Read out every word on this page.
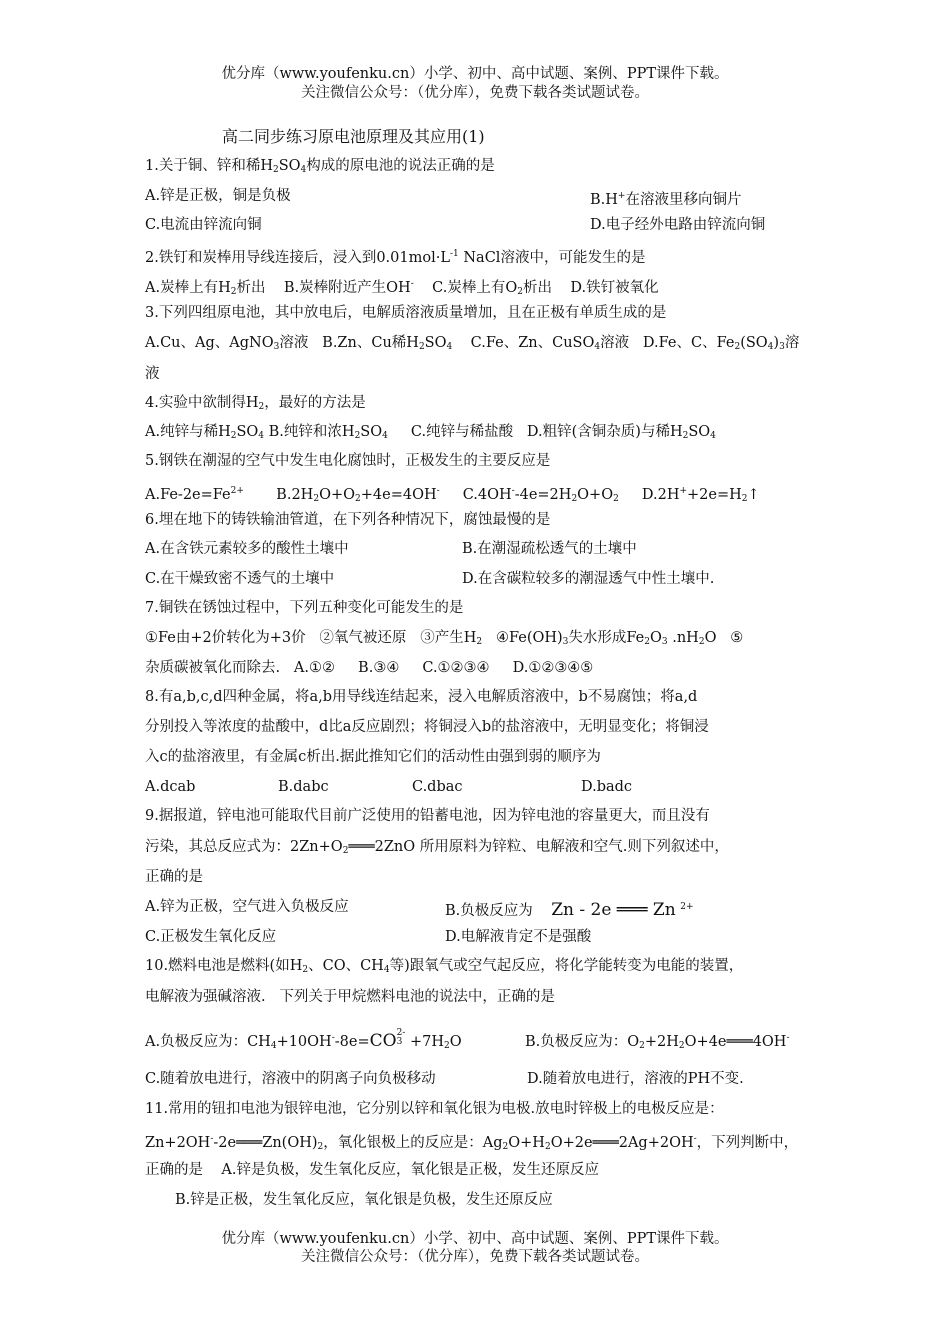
优分库（www.youfenku.cn）小学、初中、高中试题、案例、PPT课件下载。
关注微信公众号：（优分库），免费下载各类试题试卷。
高二同步练习原电池原理及其应用(1)
1.关于铜、锌和稀$H_2SO_4$构成的原电池的说法正确的是
A.锌是正极，铜是负极	B.H+在溶液里移向铜片
C.电流由锌流向铜	D.电子经外电路由锌流向铜
2.铁钉和炭棒用导线连接后，浸入到$0.01mol\cdot L^{-1}$ NaCl溶液中，可能发生的是
A.炭棒上有$H_2$析出    B.炭棒附近产生OH-    C.炭棒上有$O_2$析出    D.铁钉被氧化
3.下列四组原电池，其中放电后，电解质溶液质量增加，且在正极有单质生成的是
A.Cu、Ag、AgNO$_3$溶液   B.Zn、Cu稀$H_2SO_4$    C.Fe、Zn、CuSO$_4$溶液   D.Fe、C、$Fe_2(SO_4)_3$溶
液
4.实验中欲制得$H_2$，最好的方法是
A.纯锌与稀$H_2SO_4$ B.纯锌和浓$H_2SO_4$     C.纯锌与稀盐酸   D.粗锌(含铜杂质)与稀$H_2SO_4$
5.钢铁在潮湿的空气中发生电化腐蚀时，正极发生的主要反应是
$A.Fe-2e=Fe^{2+}$       $B.2H_2O+O_2+4e=4OH^-$     $C.4OH^--4e=2H_2O+O_2$     $D.2H^++2e=H_2↑$
6.埋在地下的铸铁输油管道，在下列各种情况下，腐蚀最慢的是
A.在含铁元素较多的酸性土壤中	B.在潮湿疏松透气的土壤中
C.在干燥致密不透气的土壤中	D.在含碳粒较多的潮湿透气中性土壤中.
7.铜铁在锈蚀过程中，下列五种变化可能发生的是
①Fe由+2价转化为+3价   ②氧气被还原   ③产生$H_2$   $④Fe(OH)_3$失水形成$Fe_2O_3$ $.nH_2O$   ⑤
杂质碳被氧化而除去.   A.①②     B.③④     C.①②③④     D.①②③④⑤
8.有a,b,c,d四种金属，将a,b用导线连结起来，浸入电解质溶液中，b不易腐蚀；将a,d
分别投入等浓度的盐酸中，d比a反应剧烈；将铜浸入b的盐溶液中，无明显变化；将铜浸
入c的盐溶液里，有金属c析出.据此推知它们的活动性由强到弱的顺序为
A.dcab	B.dabc	C.dbac	D.badc
9.据报道，锌电池可能取代目前广泛使用的铅蓄电池，因为锌电池的容量更大，而且没有
污染，其总反应式为：$2Zn+O_2═══2ZnO$ 所用原料为锌粒、电解液和空气.则下列叙述中，
正确的是
A.锌为正极，空气进入负极反应	B.负极反应为    Zn - 2e ═══ Zn $^{2+}$
C.正极发生氧化反应	D.电解液肯定不是强酸
10.燃料电池是燃料(如$H_2$、CO、$CH_4$等)跟氧气或空气起反应，将化学能转变为电能的装置，
电解液为强碱溶液.   下列关于甲烷燃料电池的说法中，正确的是
A.负极反应为：$CH_4+10OH^--8e=CO$ 2-
$3 +7H_2O$	B.负极反应为：$O_2+2H_2O+4e═══4OH^-$
C.随着放电进行，溶液中的阴离子向负极移动	D.随着放电进行，溶液的PH不变.
11.常用的钮扣电池为银锌电池，它分别以锌和氧化银为电极.放电时锌极上的电极反应是：
$Zn+2OH^--2e═══Zn(OH)_2$，氧化银极上的反应是：$Ag_2O+H_2O+2e═══2Ag+2OH^-$，下列判断中，
正确的是    A.锌是负极，发生氧化反应，氧化银是正极，发生还原反应
B.锌是正极，发生氧化反应，氧化银是负极，发生还原反应
优分库（www.youfenku.cn）小学、初中、高中试题、案例、PPT课件下载。
关注微信公众号：（优分库），免费下载各类试题试卷。
